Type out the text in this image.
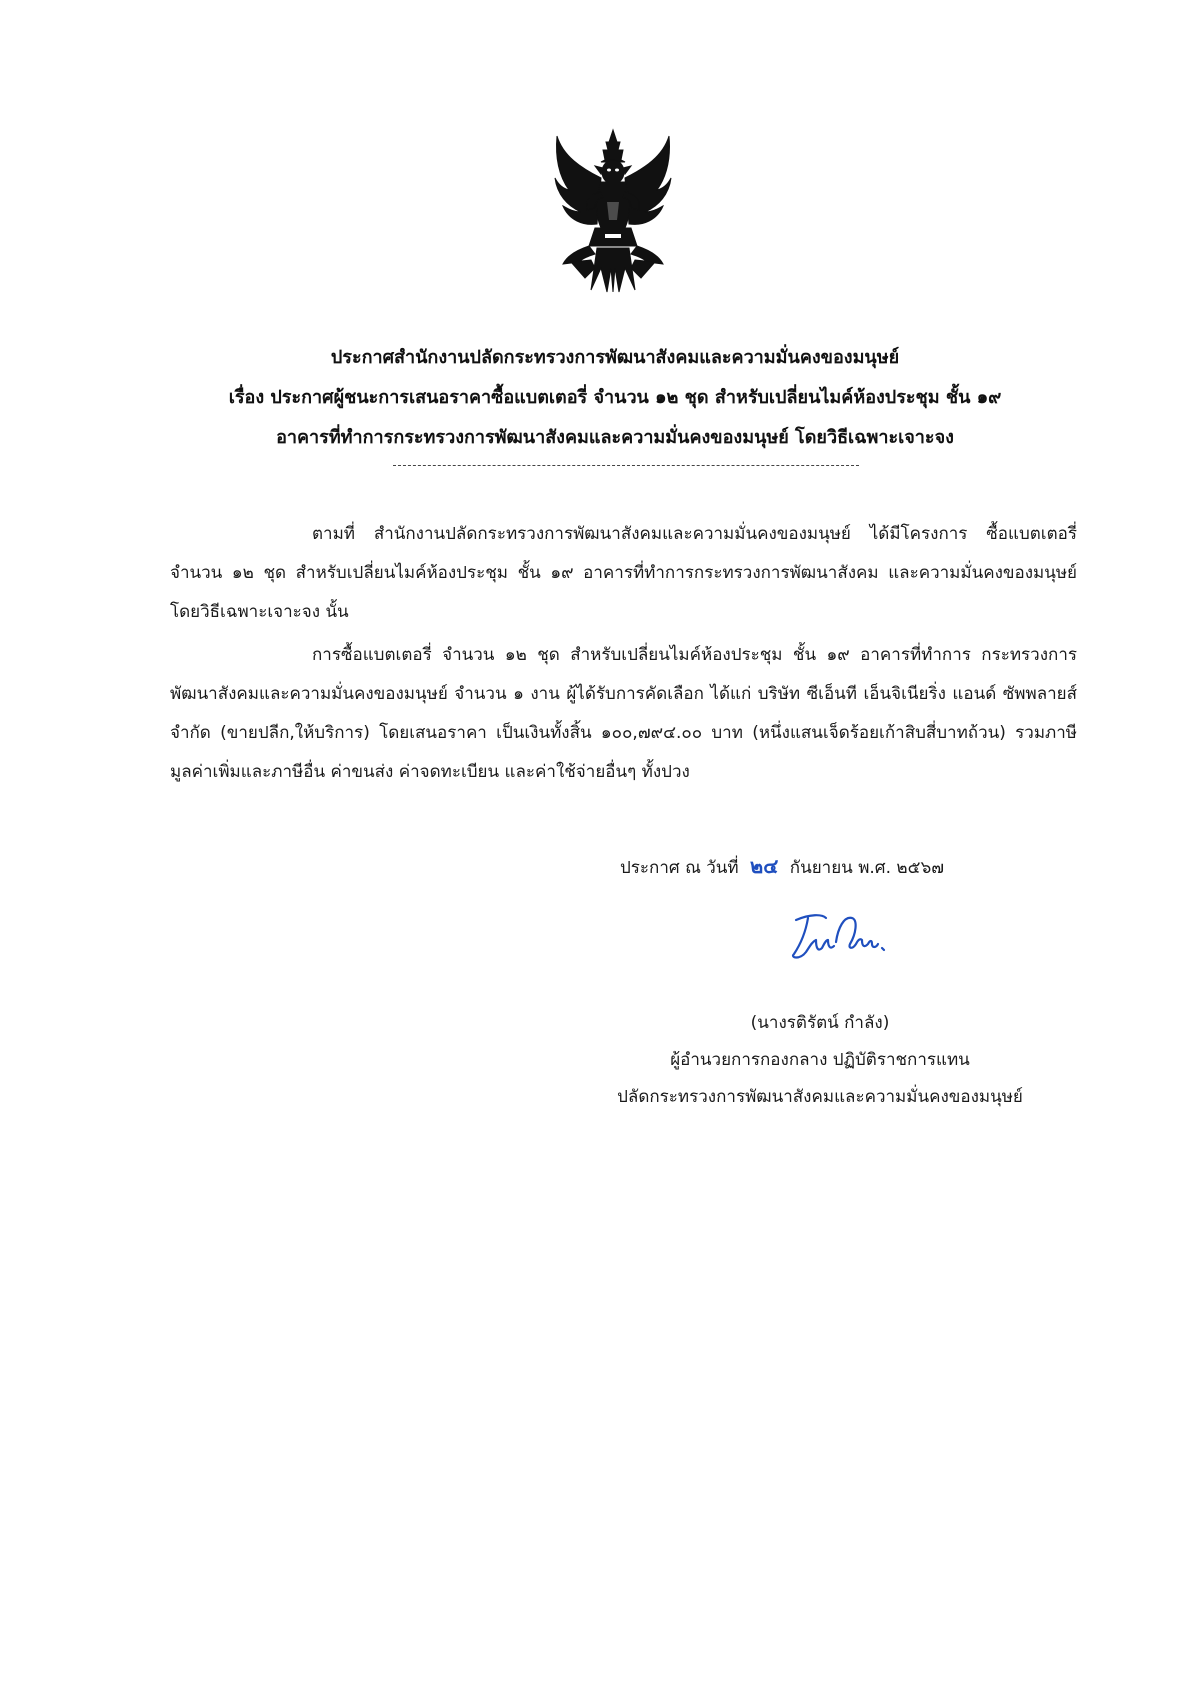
ประกาศสำนักงานปลัดกระทรวงการพัฒนาสังคมและความมั่นคงของมนุษย์
เรื่อง ประกาศผู้ชนะการเสนอราคาซื้อแบตเตอรี่ จำนวน ๑๒ ชุด สำหรับเปลี่ยนไมค์ห้องประชุม ชั้น ๑๙
อาคารที่ทำการกระทรวงการพัฒนาสังคมและความมั่นคงของมนุษย์ โดยวิธีเฉพาะเจาะจง

ตามที่ สำนักงานปลัดกระทรวงการพัฒนาสังคมและความมั่นคงของมนุษย์ ได้มีโครงการ ซื้อแบตเตอรี่ จำนวน ๑๒ ชุด สำหรับเปลี่ยนไมค์ห้องประชุม ชั้น ๑๙ อาคารที่ทำการกระทรวงการพัฒนาสังคม และความมั่นคงของมนุษย์ โดยวิธีเฉพาะเจาะจง นั้น

การซื้อแบตเตอรี่ จำนวน ๑๒ ชุด สำหรับเปลี่ยนไมค์ห้องประชุม ชั้น ๑๙ อาคารที่ทำการ กระทรวงการพัฒนาสังคมและความมั่นคงของมนุษย์ จำนวน ๑ งาน ผู้ได้รับการคัดเลือก ได้แก่ บริษัท ซีเอ็นที เอ็นจิเนียริ่ง แอนด์ ซัพพลายส์ จำกัด (ขายปลีก,ให้บริการ) โดยเสนอราคา เป็นเงินทั้งสิ้น ๑๐๐,๗๙๔.๐๐ บาท (หนึ่งแสนเจ็ดร้อยเก้าสิบสี่บาทถ้วน) รวมภาษีมูลค่าเพิ่มและภาษีอื่น ค่าขนส่ง ค่าจดทะเบียน และค่าใช้จ่ายอื่นๆ ทั้งปวง

ประกาศ ณ วันที่ ๒๔ กันยายน พ.ศ. ๒๕๖๗
(นางรติรัตน์ กำลัง)
ผู้อำนวยการกองกลาง ปฏิบัติราชการแทน
ปลัดกระทรวงการพัฒนาสังคมและความมั่นคงของมนุษย์
